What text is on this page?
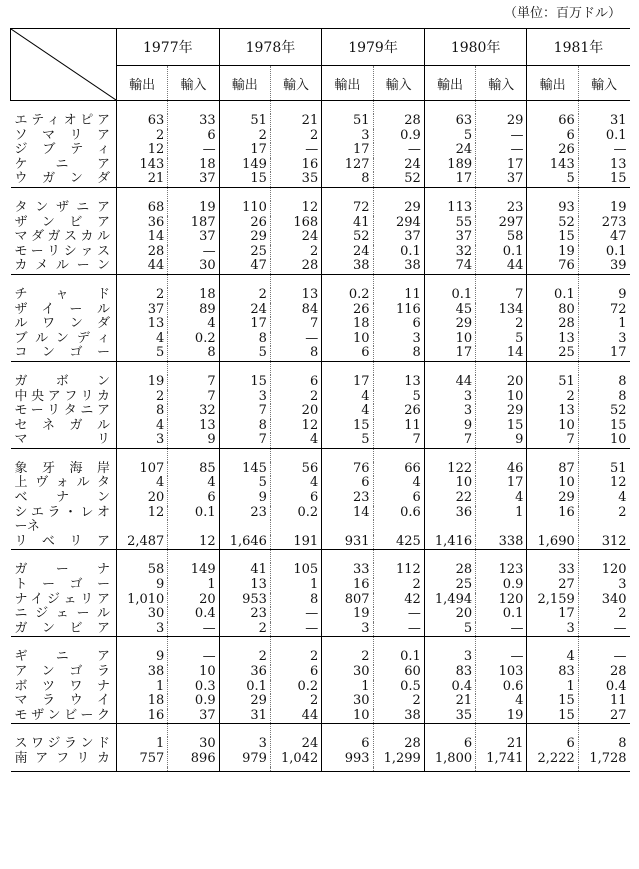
（単位：百万ドル）
	1977年		1978年		1979年		1980年		1981年	
	輸出	輸入	輸出	輸入	輸出	輸入	輸出	輸入	輸出	輸入

エティオピア	63	33	51	21	51	28	63	29	66	31
ソマリア	2	6	2	2	3	0.9	5	—	6	0.1
ジブティ	12	—	17	—	17	—	24	—	26	—
ケニア	143	18	149	16	127	24	189	17	143	13
ウガンダ	21	37	15	35	8	52	17	37	5	15

タンザニア	68	19	110	12	72	29	113	23	93	19
ザンビア	36	187	26	168	41	294	55	297	52	273
マダガスカル	14	37	29	24	52	37	37	58	15	47
モーリシァス	28	—	25	2	24	0.1	32	0.1	19	0.1
カメルーン	44	30	47	28	38	38	74	44	76	39

チャド	2	18	2	13	0.2	11	0.1	7	0.1	9
ザイール	37	89	24	84	26	116	45	134	80	72
ルワンダ	13	4	17	7	18	6	29	2	28	1
ブルンディ	4	0.2	8	—	10	3	10	5	13	3
コンゴー	5	8	5	8	6	8	17	14	25	17

ガボン	19	7	15	6	17	13	44	20	51	8
中央アフリカ	2	7	3	2	4	5	3	10	2	8
モーリタニア	8	32	7	20	4	26	3	29	13	52
セネガル	4	13	8	12	15	11	9	15	10	15
マリ	3	9	7	4	5	7	7	9	7	10

象牙海岸	107	85	145	56	76	66	122	46	87	51
上ヴォルタ	4	4	5	4	6	4	10	17	10	12
ベナン	20	6	9	6	23	6	22	4	29	4
シエラ・レオ	12	0.1	23	0.2	14	0.6	36	1	16	2
ーネ										
リベリア	2,487	12	1,646	191	931	425	1,416	338	1,690	312

ガーナ	58	149	41	105	33	112	28	123	33	120
トーゴー	9	1	13	1	16	2	25	0.9	27	3
ナイジェリア	1,010	20	953	8	807	42	1,494	120	2,159	340
ニジェール	30	0.4	23	—	19	—	20	0.1	17	2
ガンビア	3	—	2	—	3	—	5	—	3	—

ギニア	9	—	2	2	2	0.1	3	—	4	—
アンゴラ	38	10	36	6	30	60	83	103	83	28
ボツワナ	1	0.3	0.1	0.2	1	0.5	0.4	0.6	1	0.4
マラウイ	18	0.9	29	2	30	2	21	4	15	11
モザンビーク	16	37	31	44	10	38	35	19	15	27

スワジランド	1	30	3	24	6	28	6	21	6	8
南アフリカ	757	896	979	1,042	993	1,299	1,800	1,741	2,222	1,728
